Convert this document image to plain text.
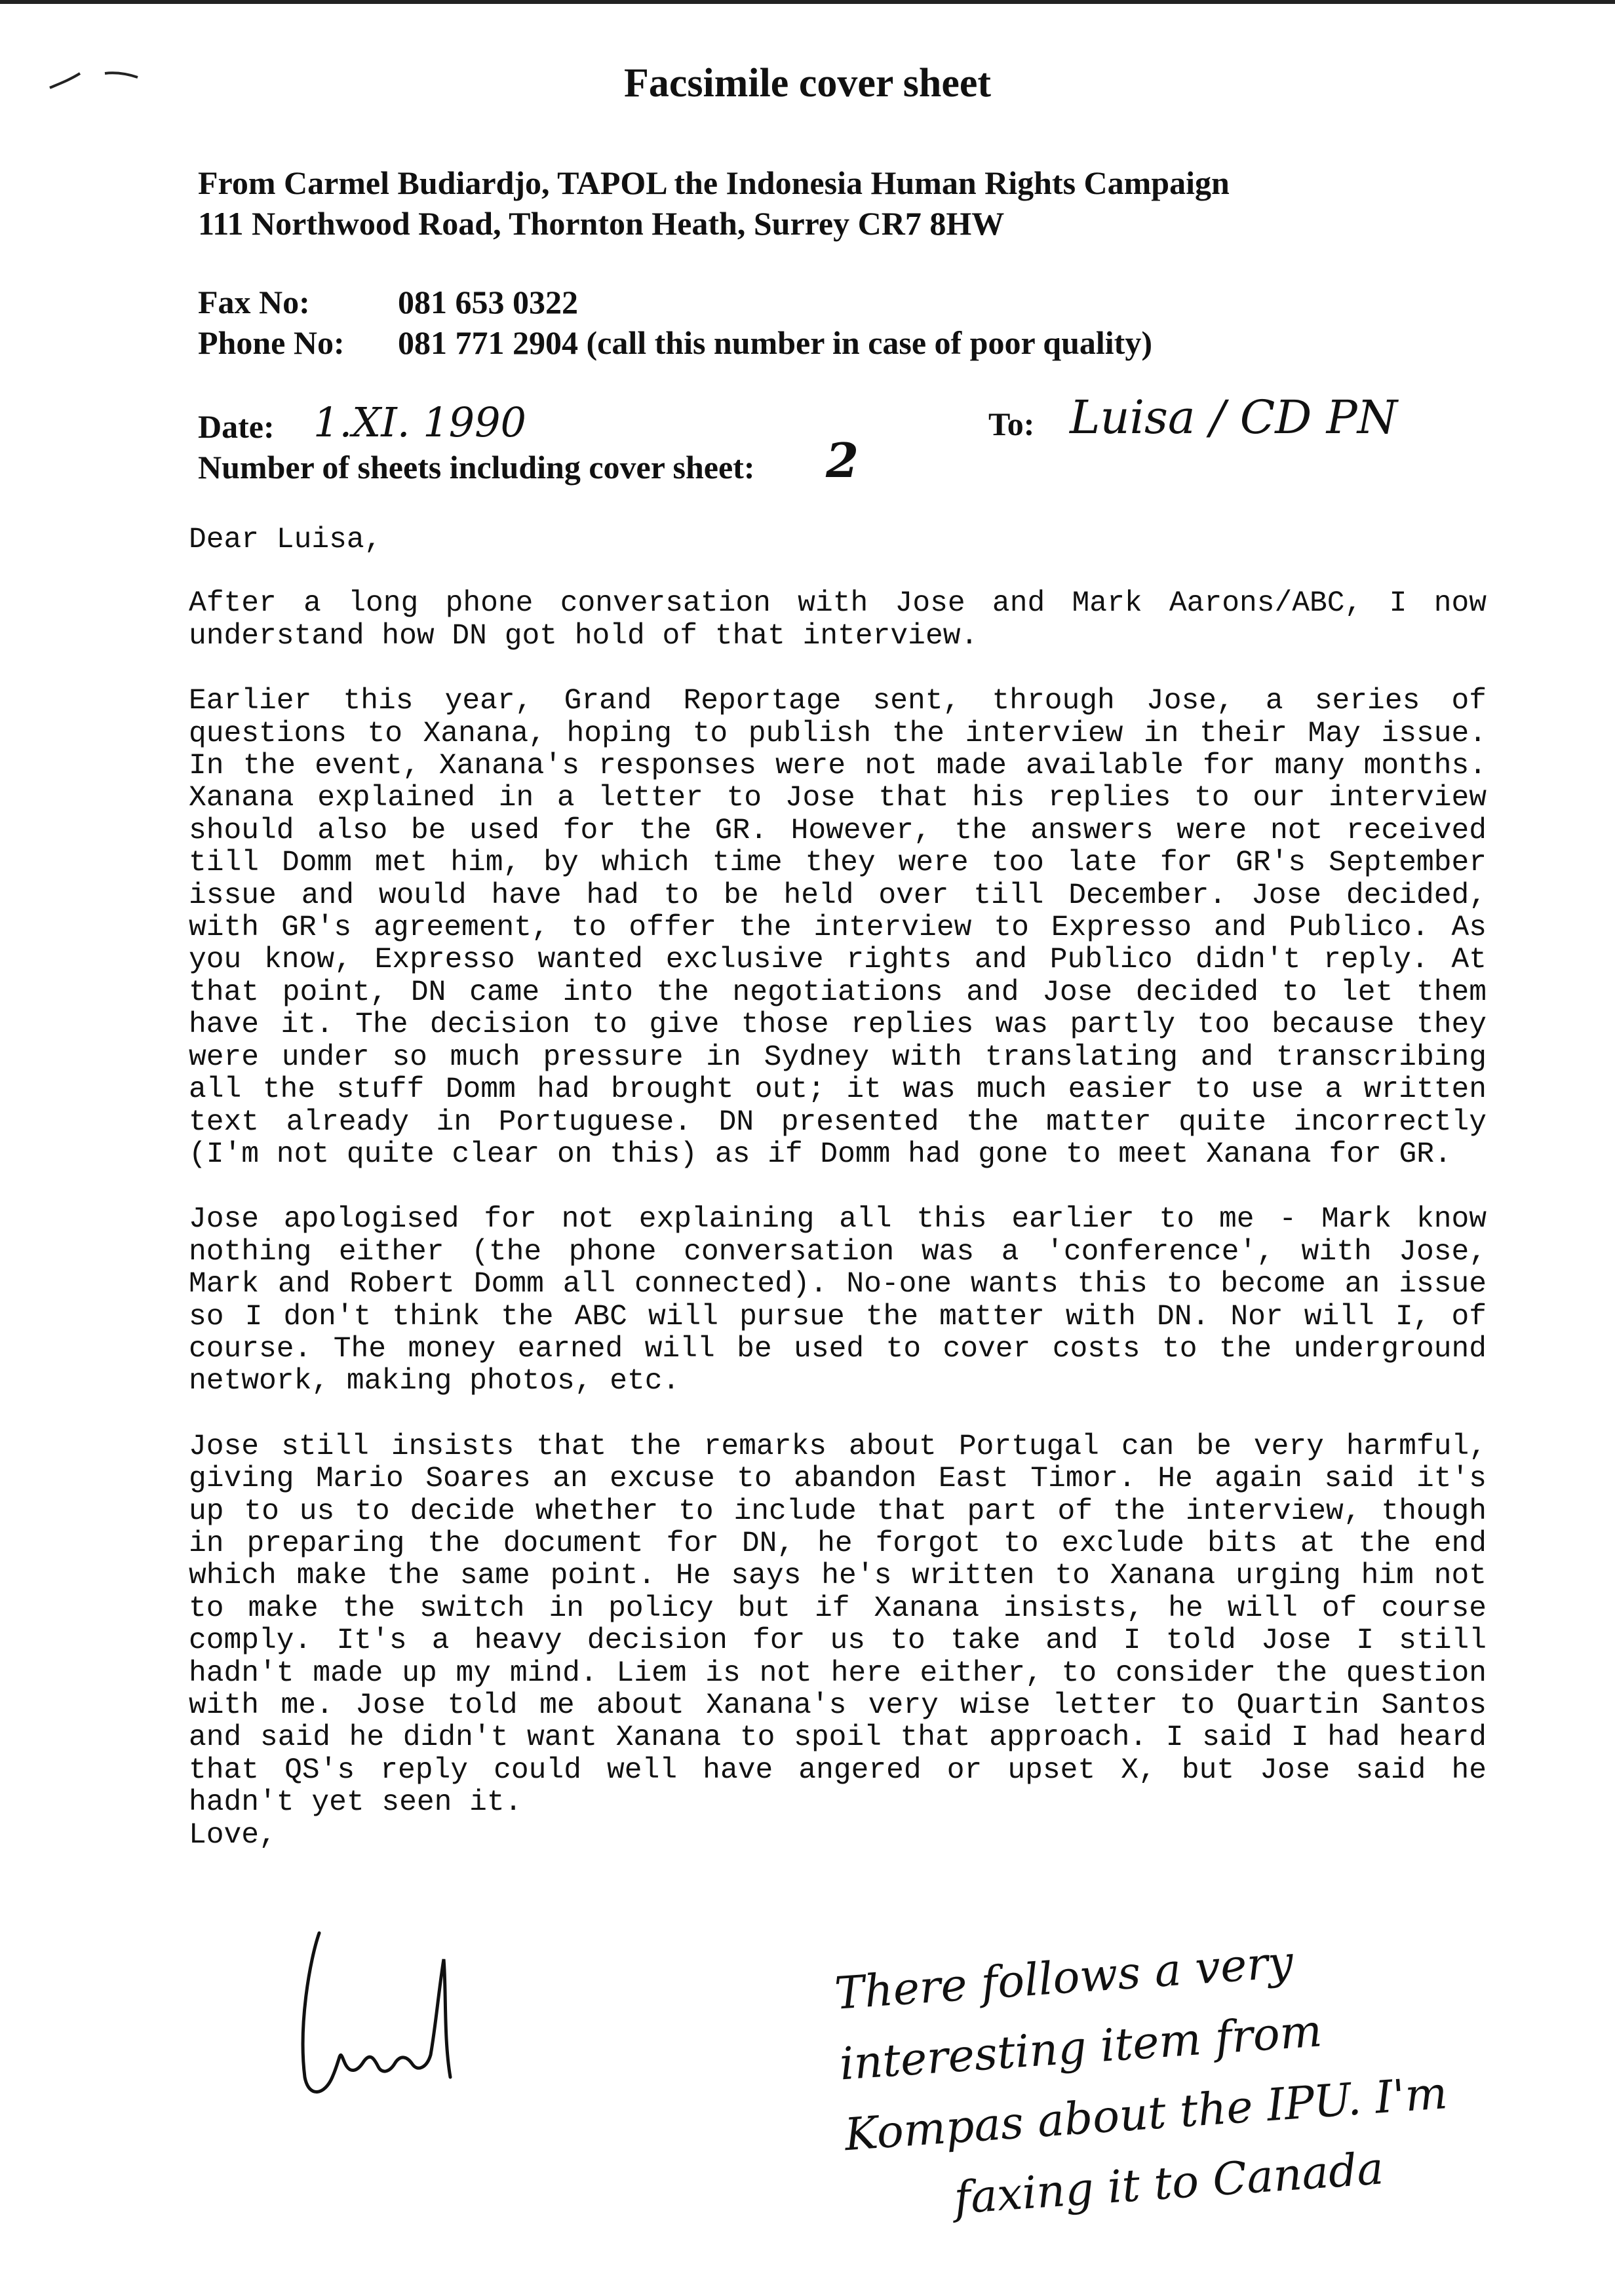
Facsimile cover sheet
From Carmel Budiardjo, TAPOL the Indonesia Human Rights Campaign
111 Northwood Road, Thornton Heath, Surrey CR7 8HW
Fax No:	081 653 0322
Phone No: 081 771 2904 (call this number in case of poor quality)
Date: 1.XI. 1990	To: Luisa / CD PN
Number of sheets including cover sheet: 2

Dear Luisa,

After a long phone conversation with Jose and Mark Aarons/ABC, I now understand how DN got hold of that interview.

Earlier this year, Grand Reportage sent, through Jose, a series of questions to Xanana, hoping to publish the interview in their May issue. In the event, Xanana's responses were not made available for many months. Xanana explained in a letter to Jose that his replies to our interview should also be used for the GR. However, the answers were not received till Domm met him, by which time they were too late for GR's September issue and would have had to be held over till December. Jose decided, with GR's agreement, to offer the interview to Expresso and Publico. As you know, Expresso wanted exclusive rights and Publico didn't reply. At that point, DN came into the negotiations and Jose decided to let them have it. The decision to give those replies was partly too because they were under so much pressure in Sydney with translating and transcribing all the stuff Domm had brought out; it was much easier to use a written text already in Portuguese. DN presented the matter quite incorrectly (I'm not quite clear on this) as if Domm had gone to meet Xanana for GR.

Jose apologised for not explaining all this earlier to me - Mark know nothing either (the phone conversation was a 'conference', with Jose, Mark and Robert Domm all connected). No-one wants this to become an issue so I don't think the ABC will pursue the matter with DN. Nor will I, of course. The money earned will be used to cover costs to the underground network, making photos, etc.

Jose still insists that the remarks about Portugal can be very harmful, giving Mario Soares an excuse to abandon East Timor. He again said it's up to us to decide whether to include that part of the interview, though in preparing the document for DN, he forgot to exclude bits at the end which make the same point. He says he's written to Xanana urging him not to make the switch in policy but if Xanana insists, he will of course comply. It's a heavy decision for us to take and I told Jose I still hadn't made up my mind. Liem is not here either, to consider the question with me. Jose told me about Xanana's very wise letter to Quartin Santos and said he didn't want Xanana to spoil that approach. I said I had heard that QS's reply could well have angered or upset X, but Jose said he hadn't yet seen it.

Love,

There follows a very
interesting item from
Kompas about the IPU. I'm
faxing it to Canada
